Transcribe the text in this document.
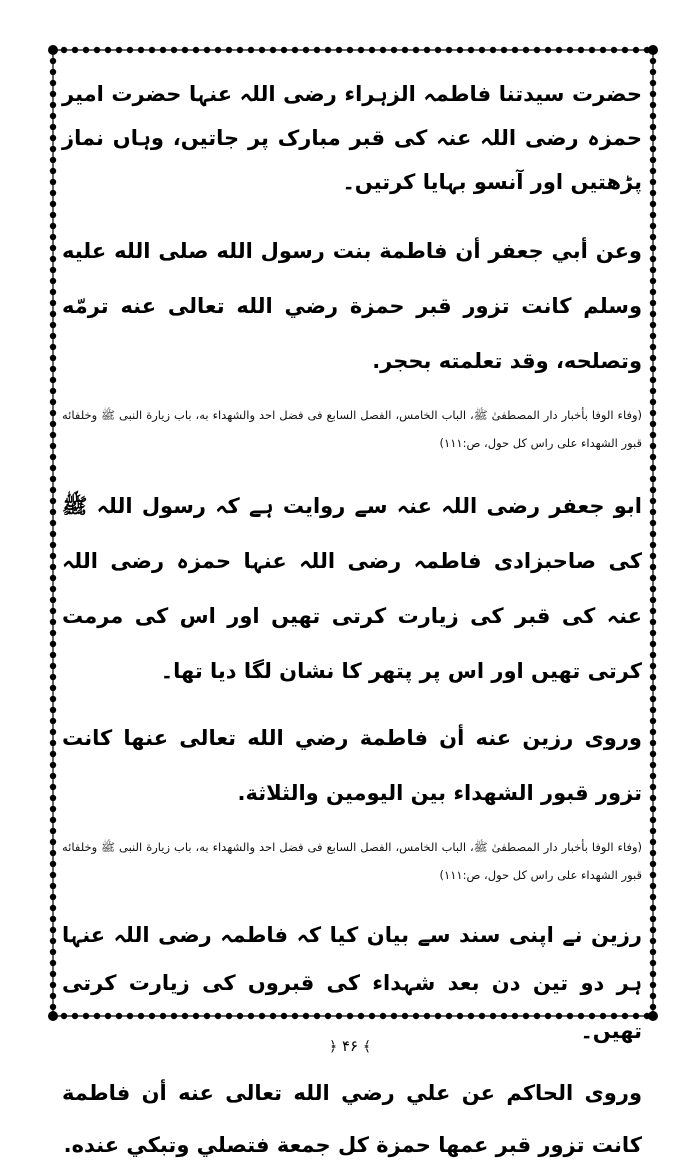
حضرت سیدتنا فاطمہ الزہراء رضی اللہ عنہا حضرت امیر حمزہ رضی اللہ عنہ کی قبر مبارک پر جاتیں، وہاں نماز پڑھتیں اور آنسو بہایا کرتیں۔

وعن أبي جعفر أن فاطمة بنت رسول الله صلى الله عليه وسلم كانت تزور قبر حمزة رضي الله تعالى عنه ترمّه وتصلحه، وقد تعلمته بحجر.

(وفاء الوفا بأخبار دار المصطفیٰ ﷺ، الباب الخامس، الفصل السابع فی فضل احد والشهداء به، باب زيارة النبی ﷺ وخلفائه قبور الشهداء علی راس کل حول، ص:۱۱۱)

ابو جعفر رضی اللہ عنہ سے روایت ہے کہ رسول اللہ ﷺ کی صاحبزادی فاطمہ رضی اللہ عنہا حمزہ رضی اللہ عنہ کی قبر کی زیارت کرتی تھیں اور اس کی مرمت کرتی تھیں اور اس پر پتھر کا نشان لگا دیا تھا۔

وروى رزين عنه أن فاطمة رضي الله تعالى عنها كانت تزور قبور الشهداء بين اليومين والثلاثة.

(وفاء الوفا بأخبار دار المصطفیٰ ﷺ، الباب الخامس، الفصل السابع فی فضل احد والشهداء به، باب زيارة النبی ﷺ وخلفائه قبور الشهداء علی راس کل حول، ص:۱۱۱)

رزین نے اپنی سند سے بیان کیا کہ فاطمہ رضی اللہ عنہا ہر دو تین دن بعد شہداء کی قبروں کی زیارت کرتی تھیں۔

وروى الحاكم عن علي رضي الله تعالى عنه أن فاطمة كانت تزور قبر عمها حمزة كل جمعة فتصلي وتبكي عنده.

﴿ ۴۶ ﴾
